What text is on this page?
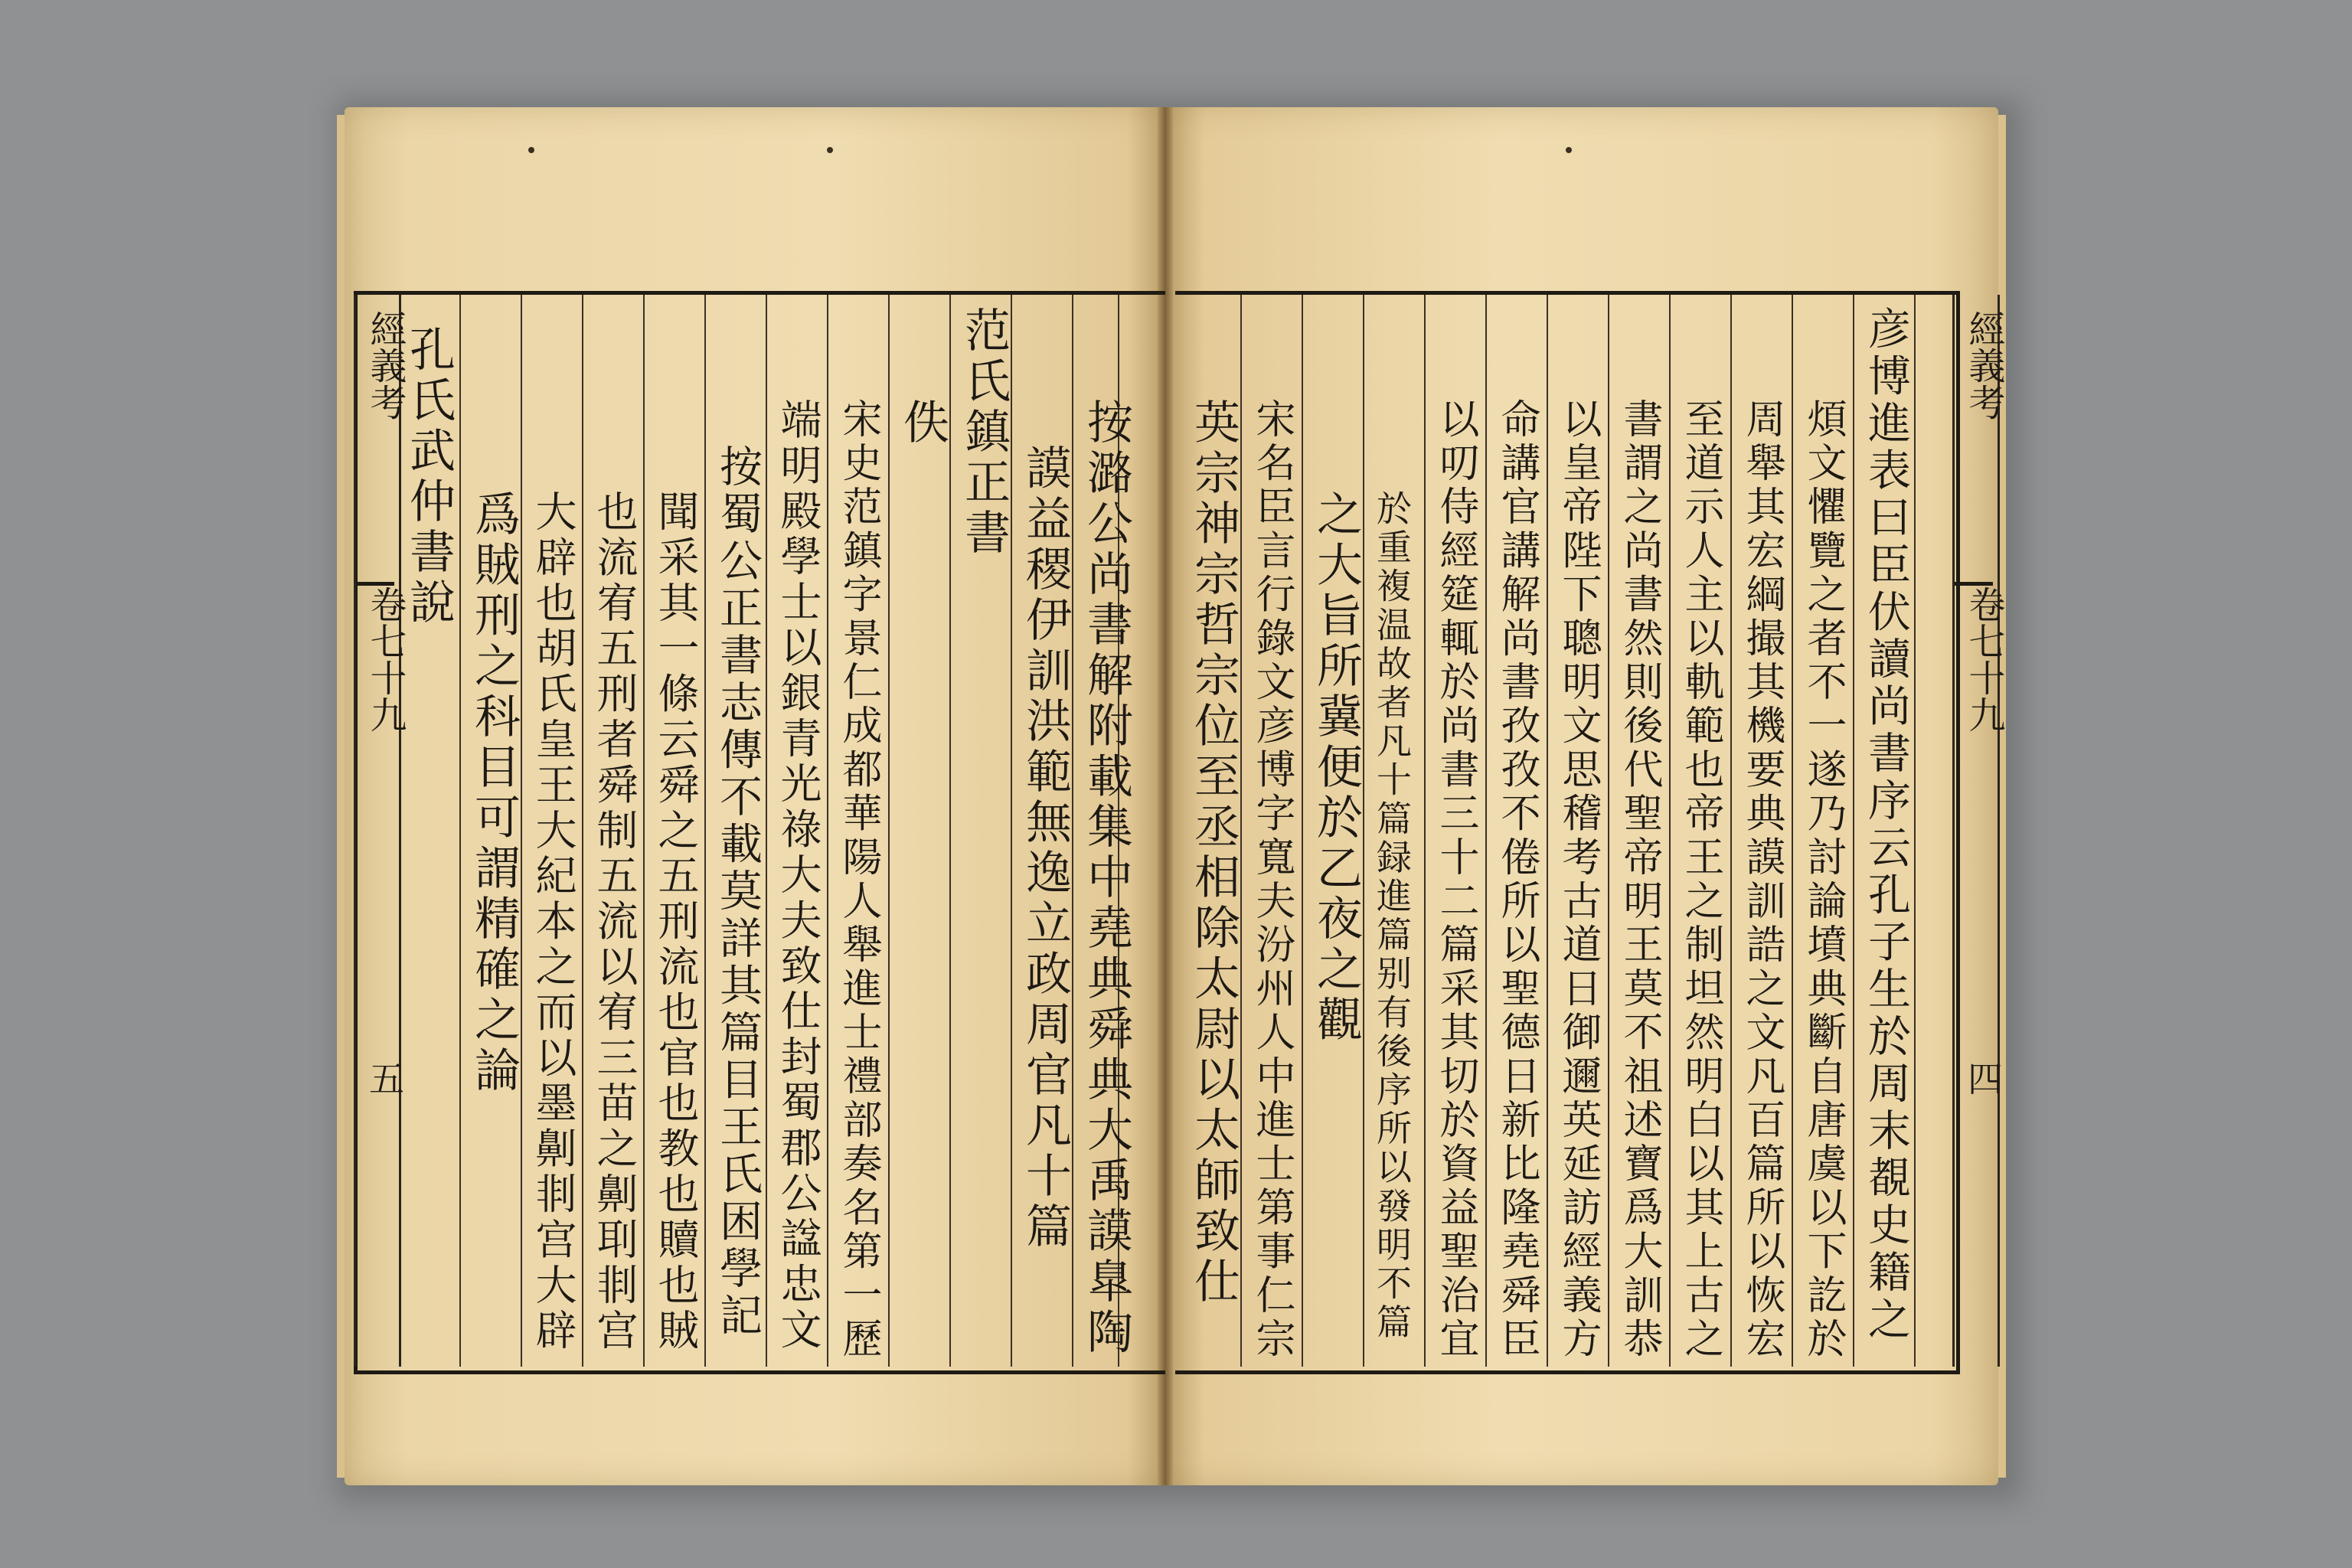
經義考
卷七十九
五
經義考
卷七十九
四
孔氏武仲書說
爲賊刑之科目可謂精確之論 大辟也胡氏皇王大紀本之而以墨劓剕宫大辟 也流宥五刑者舜制五流以宥三苗之劓刵剕宫 聞采其一條云舜之五刑流也官也教也贖也賊 按蜀公正書志傳不載莫詳其篇目王氏困學記 端明殿學士以銀青光祿大夫致仕封蜀郡公諡忠文 宋史范鎮字景仁成都華陽人舉進士禮部奏名第一歷 佚 范氏鎮正書
謨益稷伊訓洪範無逸立政周官凡十篇 按潞公尚書解附載集中堯典舜典大禹謨臯陶 英宗神宗哲宗位至丞相除太尉以太師致仕 宋名臣言行錄文彦博字寬夫汾州人中進士第事仁宗 之大旨所冀便於乙夜之觀 於重複温故者凡十篇録進篇别有後序所以發明不篇 以叨侍經筵輒於尚書三十二篇采其切於資益聖治宜 命講官講解尚書孜孜不倦所以聖德日新比隆堯舜臣 以皇帝陛下聰明文思稽考古道日御邇英延訪經義方 書謂之尚書然則後代聖帝明王莫不祖述寶爲大訓恭 至道示人主以軌範也帝王之制坦然明白以其上古之 周舉其宏綱撮其機要典謨訓誥之文凡百篇所以恢宏 煩文懼覽之者不一遂乃討論墳典斷自唐虞以下訖於 彦博進表曰臣伏讀尚書序云孔子生於周末覩史籍之
